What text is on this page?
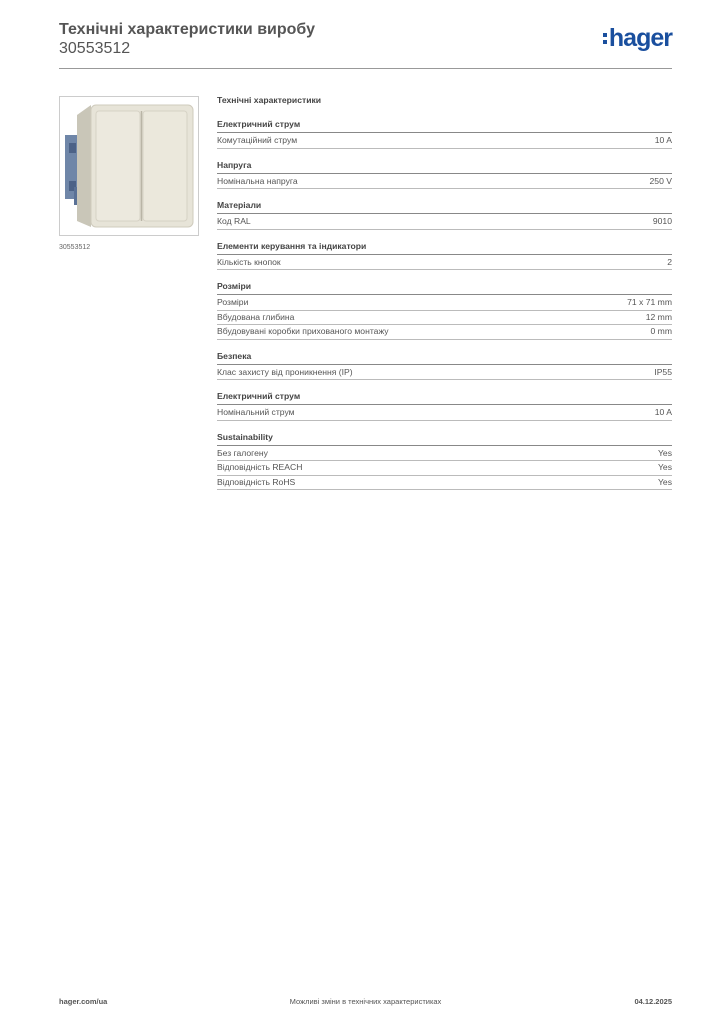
Технічні характеристики виробу
30553512	hager
30553512
Технічні характеристики
Електричний струм
Комутаційний струм	10 A
Напруга
Номінальна напруга	250 V
Матеріали
Код RAL	9010
Елементи керування та індикатори
Кількість кнопок	2
Розміри
Розміри	71 x 71 mm
Вбудована глибина	12 mm
Вбудовувані коробки прихованого монтажу	0 mm
Безпека
Клас захисту від проникнення (IP)	IP55
Електричний струм
Номінальний струм	10 A
Sustainability
Без галогену	Yes
Відповідність REACH	Yes
Відповідність RoHS	Yes
hager.com/ua	Можливі зміни в технічних характеристиках	04.12.2025
